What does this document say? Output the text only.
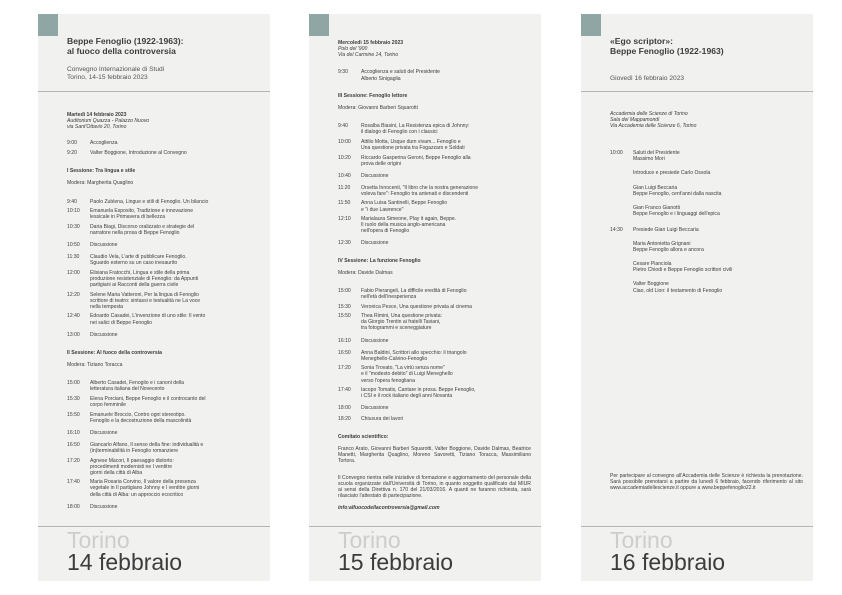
Beppe Fenoglio (1922-1963):
al fuoco della controversia
Convegno Internazionale di Studi
Torino, 14-15 febbraio 2023

Martedì 14 febbraio 2023

Auditorium Quazza - Palazzo Nuovo
via Sant'Ottavio 20, Torino

9:00	Accoglienza
9:20	Valter Boggione, Introduzione al Convegno

I Sessione: Tra lingua e stile

Modera: Margherita Quaglino

9:40	Paolo Zublena, Lingue e stili di Fenoglio. Un bilancio
10:10	Emanuela Esposito, Tradizione e innovazione
lessicale in Primavera di bellezza
10:30	Daria Biagi, Discorso oralizzato e strategie del
narratore nella prosa di Beppe Fenoglio
10:50	Discussione
11:30	Claudio Vela, L'arte di pubblicare Fenoglio.
Sguardo esterno su un caso inesaurito
12:00	Elisiana Fratocchi, Lingua e stile della prima
produzione resistenziale di Fenoglio: da Appunti
partigiani ai Racconti della guerra civile
12:20	Selene Maria Vatteroni, Per la lingua di Fenoglio
scrittore di teatro: sintassi e testualità ne La voce
nella tempesta
12:40	Edoardo Casadei, L'invenzione di uno stile: Il vento
nei salici di Beppe Fenoglio
13:00	Discussione

II Sessione: Al fuoco della controversia

Modera: Tiziano Toracca

15:00	Alberto Casadei, Fenoglio e i canoni della
letteratura italiana del Novecento
15:30	Elena Porciani, Beppe Fenoglio e il controcanto del
corpo femminile
15:50	Emanuele Broccio, Contro ogni stereotipo.
Fenoglio e la decostruzione della mascolinità
16:10	Discussione
16:50	Giancarlo Alfano, Il senso della fine: individualità e
(in)terminabilità in Fenoglio romanziere
17:20	Agnese Macori, Il paesaggio distorto:
procedimenti modernisti ne I ventitre
giorni della città di Alba
17:40	Maria Rosaria Corvino, Il valore della presenza
vegetale in Il partigiano Johnny e I ventitre giorni
della città di Alba: un approccio ecocritico
18:00	Discussione
Torino
14 febbraio

Mercoledì 15 febbraio 2023

Polo del '900
Via del Carmine 14, Torino

9:30	Accoglienza e saluti del Presidente
Alberto Sinigaglia

III Sessione: Fenoglio lettore

Modera: Giovanni Barberi Squarotti

9:40	Rosalba Biasini, La Resistenza epica di Johnny:
il dialogo di Fenoglio con i classici
10:00	Attilio Motta, Usque dum vivam... Fenoglio e
Una questione privata tra Fogazzaro e Soldati
10:20	Riccardo Gasperina Geroni, Beppe Fenoglio alla
prova delle origini
10:40	Discussione
11:20	Orsetta Innocenti, "Il libro che la nostra generazione
voleva fare": Fenoglio tra antenati e discendenti
11:50	Anna Luisa Santinelli, Beppe Fenoglio
e "i due Lawrence"
12:10	Marialaura Simeone, Play it again, Beppe.
Il ruolo della musica anglo-americana
nell'opera di Fenoglio
12:30	Discussione

IV Sessione: La funzione Fenoglio

Modera: Davide Dalmas

15:00	Fabio Pierangeli, La difficile eredità di Fenoglio
nell'età dell'inesperienza
15:30	Veronica Pesce, Una questione privata al cinema
15:50	Thea Rimini, Una questione privata:
da Giorgio Trentin ai fratelli Taviani,
tra fotogrammi e sceneggiature
16:10	Discussione
16:50	Anna Baldini, Scrittori allo specchio: il triangolo
Meneghello-Calvino-Fenoglio
17:20	Sonia Trovato, "La virtù senza nome"
e il "modesto debito" di Luigi Meneghello
verso l'opera fenogliana
17:40	Iacopo Tomatis, Cantare in prosa. Beppe Fenoglio,
i CSI e il rock italiano degli anni Novanta
18:00	Discussione
18:20	Chiusura dei lavori

Comitato scientifico:

Franco Arato, Giovanni Barberi Squarotti, Valter Boggione, Davide Dalmas, Beatrice Manetti, Margherita Quaglino, Moreno Savoretti, Tiziano Toracca, Massimiliano Tortora.

Il Convegno rientra nelle iniziative di formazione e aggiornamento del personale della scuola organizzate dall'Università di Torino, in quanto soggetto qualificato dal MIUR ai sensi della Direttiva n. 170 del 21/03/2016. A quanti ne faranno richiesta, sarà rilasciato l'attestato di partecipazione.
info:alfuocodellacontroversia@gmail.com
Torino
15 febbraio
«Ego scriptor»:
Beppe Fenoglio (1922-1963)
Giovedì 16 febbraio 2023
Accademia delle Scienze di Torino
Sala dei Mappamondi
Via Accademia delle Scienze 6, Torino
10:00	Saluti del Presidente
Massimo Mori
Introduce e presiede Carlo Ossola
Gian Luigi Beccaria
Beppe Fenoglio, cent'anni dalla nascita
Gian Franco Gianotti
Beppe Fenoglio e i linguaggi dell'epica
14:30	Presiede Gian Luigi Beccaria
Maria Antonietta Grignani
Beppe Fenoglio allora e ancora
Cesare Pianciola
Pietro Chiodi e Beppe Fenoglio scrittori civili
Valter Boggione
Ciao, old Lion: il testamento di Fenoglio
Per partecipare al convegno all'Accademia delle Scienze è richiesta la prenotazione. Sarà possibile prenotarsi a partire da lunedì 6 febbraio, facendo riferimento al sito www.accademiadellescienze.it oppure a www.beppefenoglio22.it
Torino
16 febbraio
